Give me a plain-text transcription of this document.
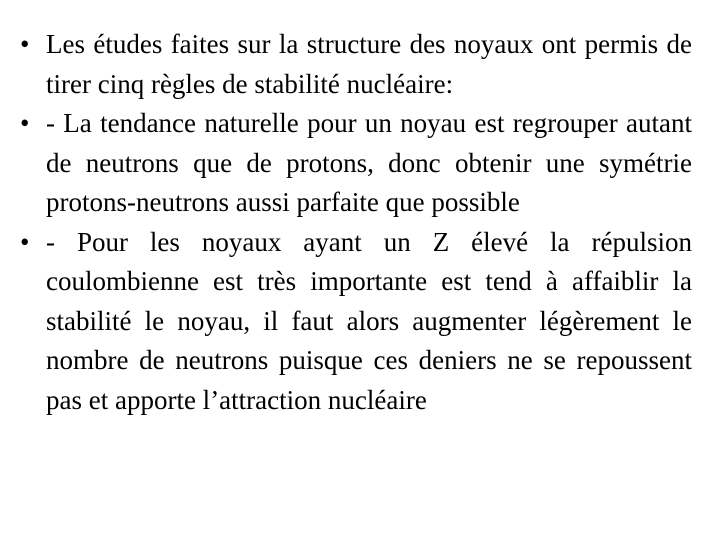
• Les études faites sur la structure des noyaux ont permis de tirer cinq règles de stabilité nucléaire:
• - La tendance naturelle pour un noyau est regrouper autant de neutrons que de protons, donc obtenir une symétrie protons-neutrons aussi parfaite que possible
• - Pour les noyaux ayant un Z élevé la répulsion coulombienne est très importante est tend à affaiblir la stabilité le noyau, il faut alors augmenter légèrement le nombre de neutrons puisque ces deniers ne se repoussent pas et apporte l’attraction nucléaire
